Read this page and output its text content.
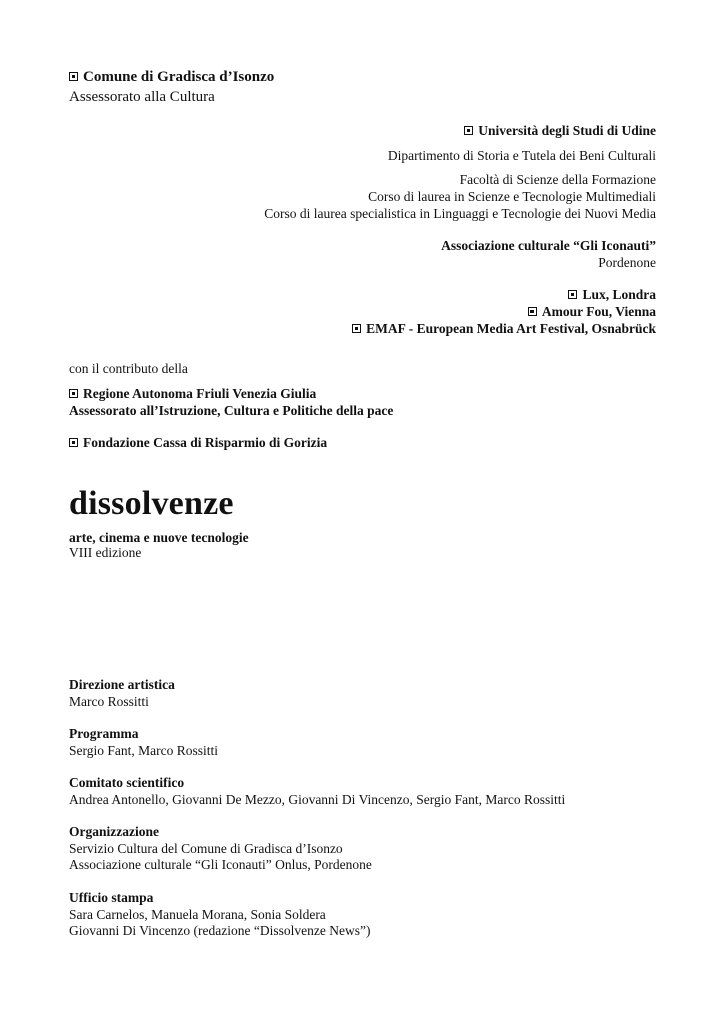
Comune di Gradisca d’Isonzo
Assessorato alla Cultura
Università degli Studi di Udine
Dipartimento di Storia e Tutela dei Beni Culturali
Facoltà di Scienze della Formazione
Corso di laurea in Scienze e Tecnologie Multimediali
Corso di laurea specialistica in Linguaggi e Tecnologie dei Nuovi Media
Associazione culturale “Gli Iconauti”
Pordenone
Lux, Londra
Amour Fou, Vienna
EMAF - European Media Art Festival, Osnabrück
con il contributo della
Regione Autonoma Friuli Venezia Giulia
Assessorato all’Istruzione, Cultura e Politiche della pace
Fondazione Cassa di Risparmio di Gorizia
dissolvenze
arte, cinema e nuove tecnologie
VIII edizione
Direzione artistica
Marco Rossitti
Programma
Sergio Fant, Marco Rossitti
Comitato scientifico
Andrea Antonello, Giovanni De Mezzo, Giovanni Di Vincenzo, Sergio Fant, Marco Rossitti
Organizzazione
Servizio Cultura del Comune di Gradisca d’Isonzo
Associazione culturale “Gli Iconauti” Onlus, Pordenone
Ufficio stampa
Sara Carnelos, Manuela Morana, Sonia Soldera
Giovanni Di Vincenzo (redazione “Dissolvenze News”)
